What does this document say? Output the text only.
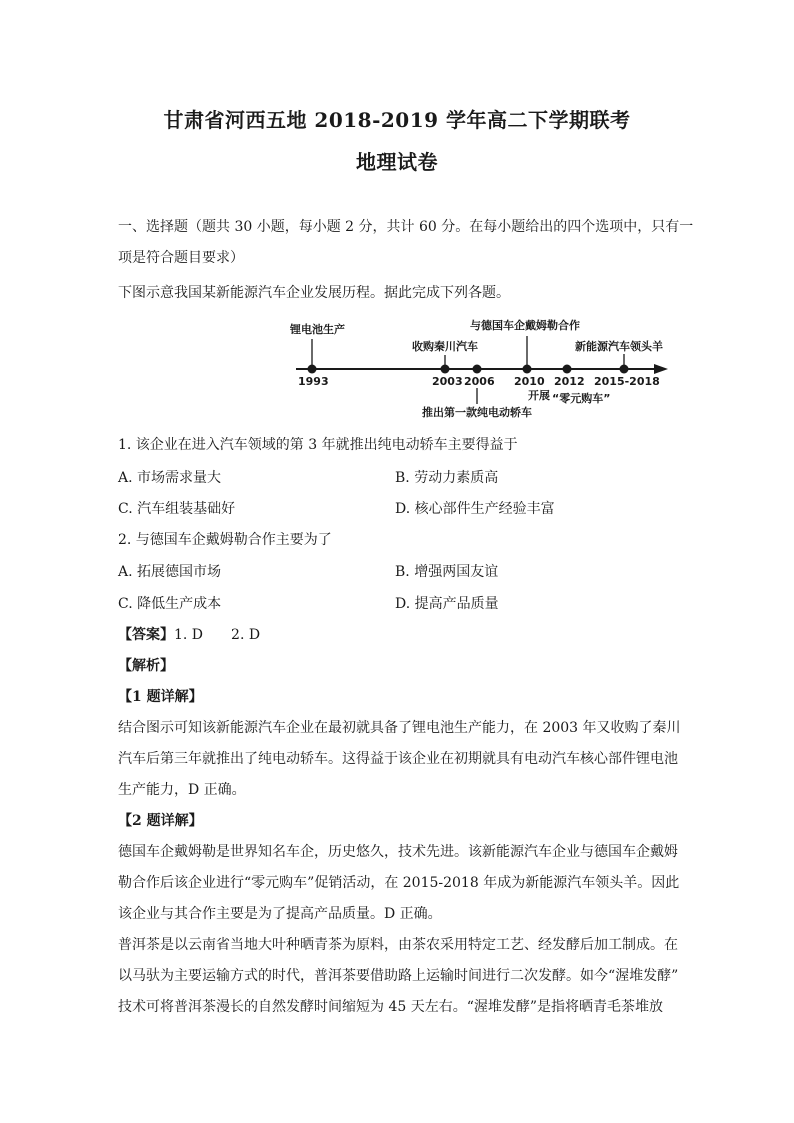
甘肃省河西五地 2018-2019 学年高二下学期联考
地理试卷
一、选择题（题共 30 小题，每小题 2 分，共计 60 分。在每小题给出的四个选项中，只有一
项是符合题目要求）
下图示意我国某新能源汽车企业发展历程。据此完成下列各题。
锂电池生产
1993
收购秦川汽车
2003 2006
推出第一款纯电动轿车
与德国车企戴姆勒合作
2010 2012
开展 “零元购车”
新能源汽车领头羊
2015-2018
1. 该企业在进入汽车领域的第 3 年就推出纯电动轿车主要得益于
A. 市场需求量大	B. 劳动力素质高
C. 汽车组装基础好	D. 核心部件生产经验丰富
2. 与德国车企戴姆勒合作主要为了
A. 拓展德国市场	B. 增强两国友谊
C. 降低生产成本	D. 提高产品质量
【答案】1. D　　2. D
【解析】
【1 题详解】
结合图示可知该新能源汽车企业在最初就具备了锂电池生产能力，在 2003 年又收购了秦川
汽车后第三年就推出了纯电动轿车。这得益于该企业在初期就具有电动汽车核心部件锂电池
生产能力，D 正确。
【2 题详解】
德国车企戴姆勒是世界知名车企，历史悠久，技术先进。该新能源汽车企业与德国车企戴姆
勒合作后该企业进行“零元购车”促销活动，在 2015-2018 年成为新能源汽车领头羊。因此
该企业与其合作主要是为了提高产品质量。D 正确。
普洱茶是以云南省当地大叶种晒青茶为原料，由茶农采用特定工艺、经发酵后加工制成。在
以马驮为主要运输方式的时代，普洱茶要借助路上运输时间进行二次发酵。如今“渥堆发酵”
技术可将普洱茶漫长的自然发酵时间缩短为 45 天左右。“渥堆发酵”是指将晒青毛茶堆放
